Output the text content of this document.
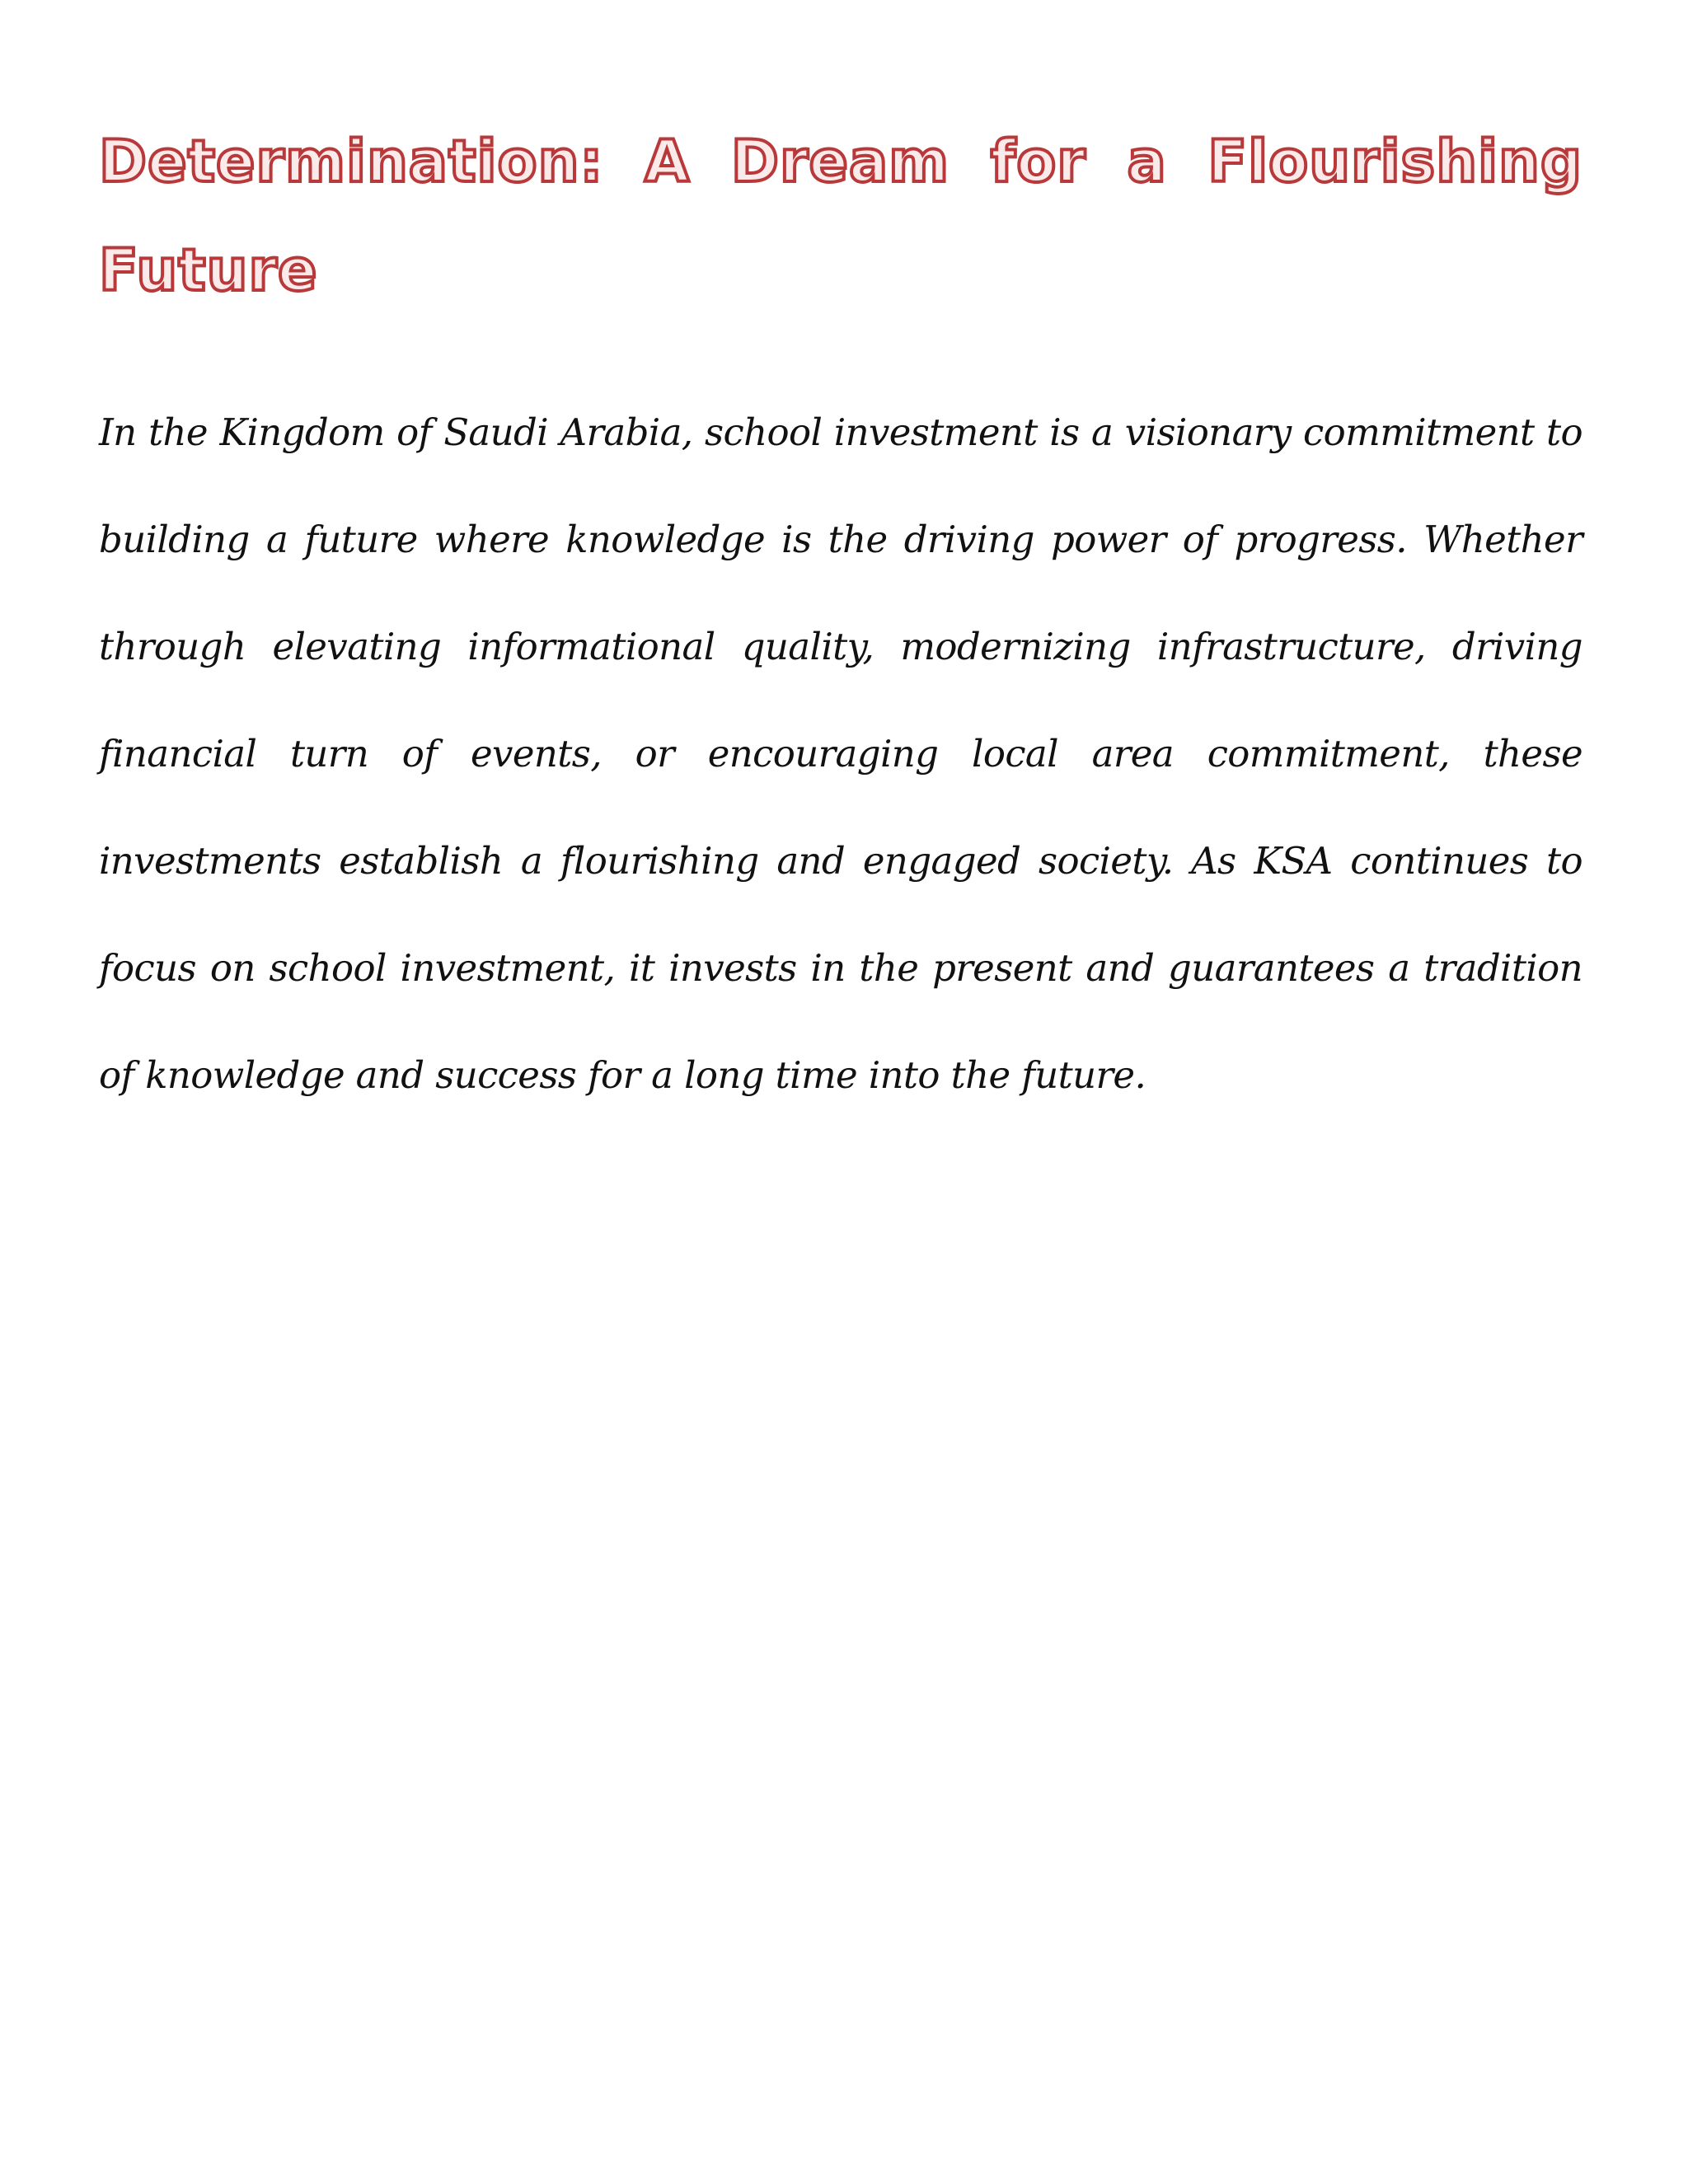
Determination: A Dream for a Flourishing Future

In the Kingdom of Saudi Arabia, school investment is a visionary commitment to building a future where knowledge is the driving power of progress. Whether through elevating informational quality, modernizing infrastructure, driving financial turn of events, or encouraging local area commitment, these investments establish a flourishing and engaged society. As KSA continues to focus on school investment, it invests in the present and guarantees a tradition of knowledge and success for a long time into the future.
